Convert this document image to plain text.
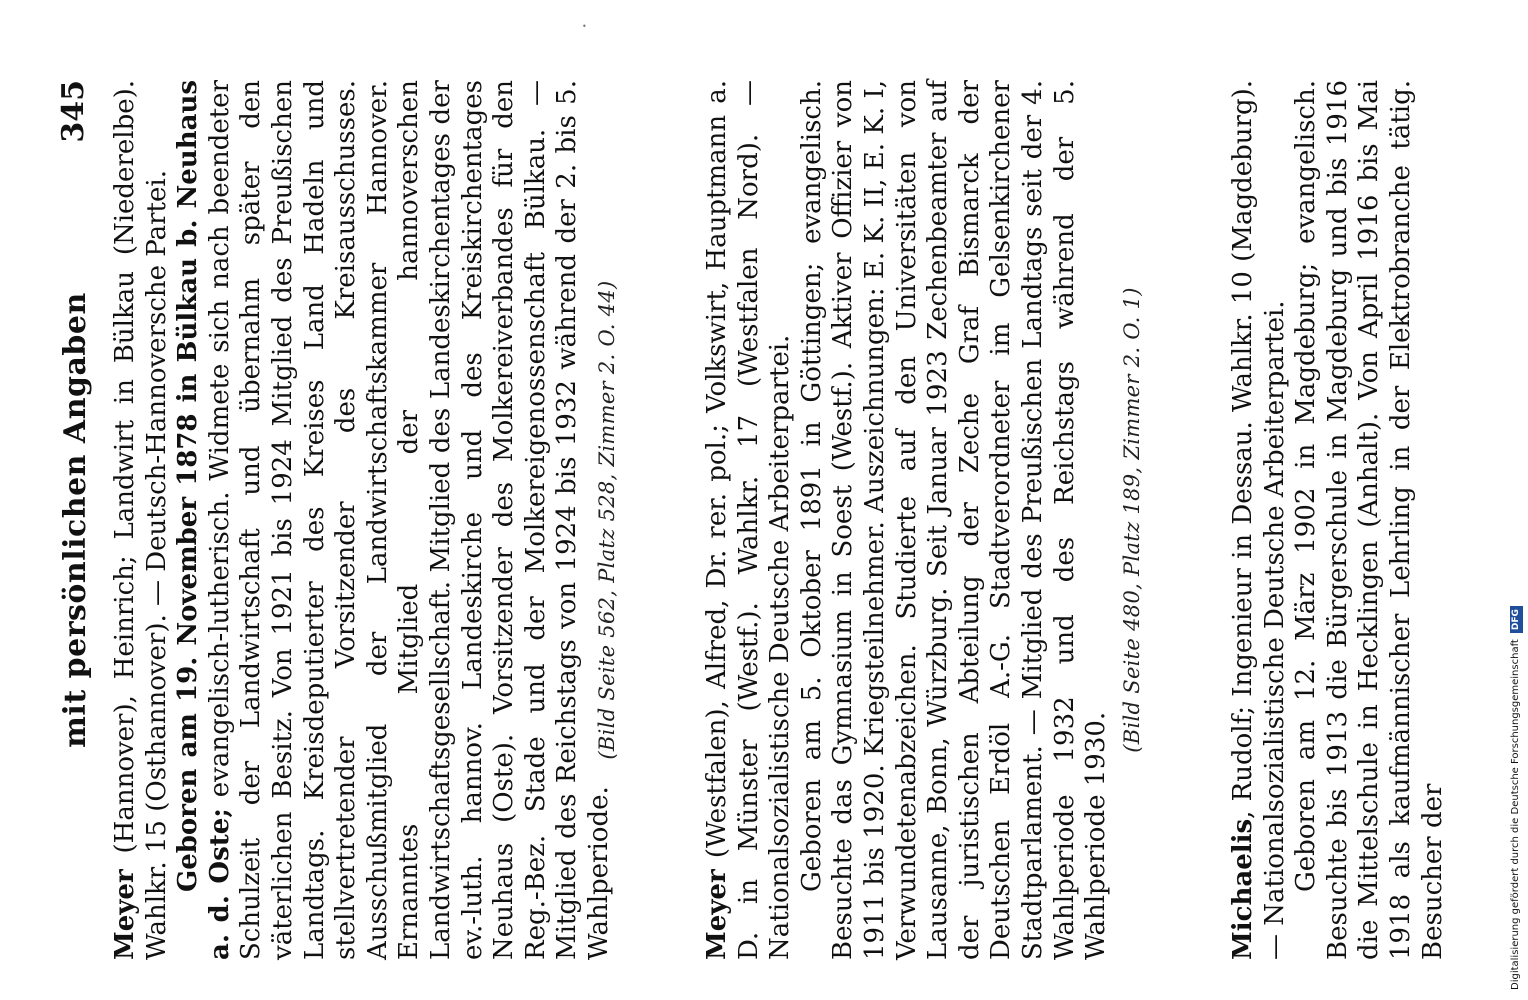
mit persönlichen Angaben
345

Meyer (Hannover), Heinrich; Landwirt in Bülkau (Niederelbe). Wahlkr. 15 (Osthannover). — Deutsch-Hannoversche Partei. Geboren am 19. November 1878 in Bülkau b. Neuhaus a. d. Oste; evangelisch-lutherisch. Widmete sich nach beendeter Schulzeit der Landwirtschaft und übernahm später den väterlichen Besitz. Von 1921 bis 1924 Mitglied des Preußischen Landtags. Kreisdeputierter des Kreises Land Hadeln und stellvertretender Vorsitzender des Kreisausschusses. Ausschußmitglied der Landwirtschaftskammer Hannover. Ernanntes Mitglied der hannoverschen Landwirtschaftsgesellschaft. Mitglied des Landeskirchentages der ev.-luth. hannov. Landeskirche und des Kreiskirchentages Neuhaus (Oste). Vorsitzender des Molkereiverbandes für den Reg.-Bez. Stade und der Molkereigenossenschaft Bülkau. — Mitglied des Reichstags von 1924 bis 1932 während der 2. bis 5. Wahlperiode.

(Bild Seite 562, Platz 528, Zimmer 2. O. 44)

Meyer (Westfalen), Alfred, Dr. rer. pol.; Volkswirt, Hauptmann a. D. in Münster (Westf.). Wahlkr. 17 (Westfalen Nord). — Nationalsozialistische Deutsche Arbeiterpartei. Geboren am 5. Oktober 1891 in Göttingen; evangelisch. Besuchte das Gymnasium in Soest (Westf.). Aktiver Offizier von 1911 bis 1920. Kriegsteilnehmer. Auszeichnungen: E. K. II, E. K. I, Verwundetenabzeichen. Studierte auf den Universitäten von Lausanne, Bonn, Würzburg. Seit Januar 1923 Zechenbeamter auf der juristischen Abteilung der Zeche Graf Bismarck der Deutschen Erdöl A.-G. Stadtverordneter im Gelsenkirchener Stadtparlament. — Mitglied des Preußischen Landtags seit der 4. Wahlperiode 1932 und des Reichstags während der 5. Wahlperiode 1930.

(Bild Seite 480, Platz 189, Zimmer 2. O. 1)

Michaelis, Rudolf; Ingenieur in Dessau. Wahlkr. 10 (Magdeburg). — Nationalsozialistische Deutsche Arbeiterpartei. Geboren am 12. März 1902 in Magdeburg; evangelisch. Besuchte bis 1913 die Bürgerschule in Magdeburg und bis 1916 die Mittelschule in Hecklingen (Anhalt). Von April 1916 bis Mai 1918 als kaufmännischer Lehrling in der Elektrobranche tätig. Besucher der

•
Digitalisierung gefördert durch die Deutsche ForschungsgemeinschaftDFG
